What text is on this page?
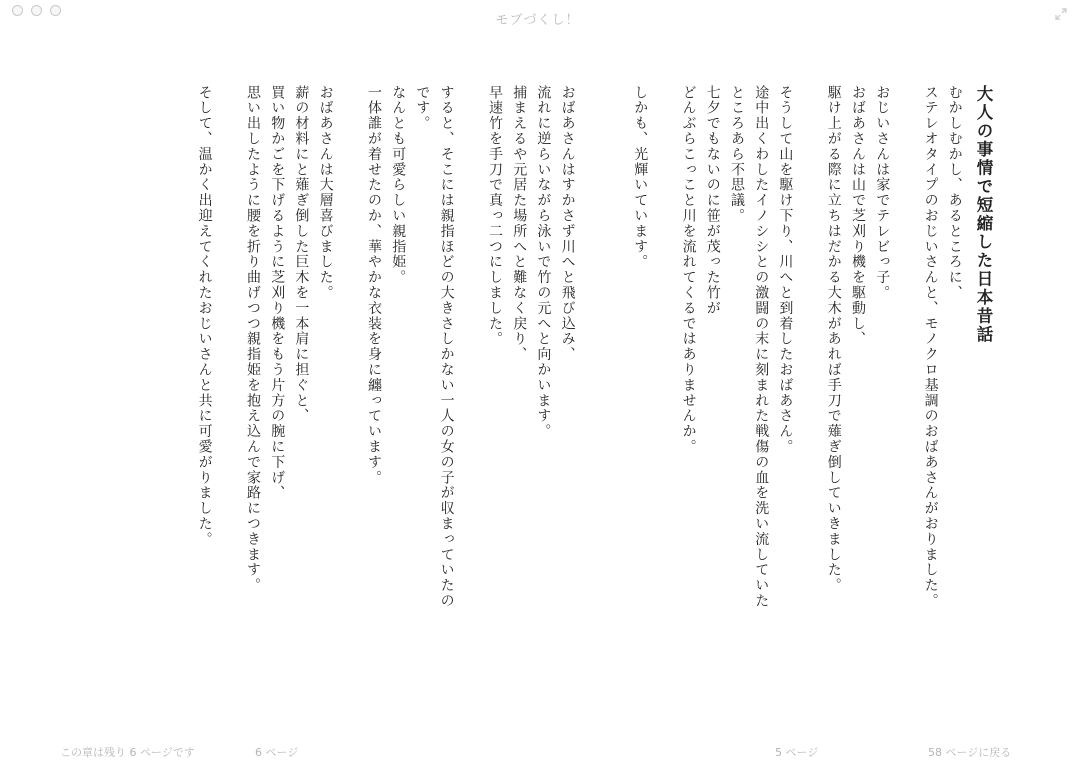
モブづくし！
大人の事情で短縮した日本昔話
むかしむかし、あるところに、
ステレオタイプのおじいさんと、モノクロ基調のおばあさんがおりました。
おじいさんは家でテレビっ子。
おばあさんは山で芝刈り機を駆動し、
駆け上がる際に立ちはだかる大木があれば手刀で薙ぎ倒していきました。
そうして山を駆け下り、川へと到着したおばあさん。
途中出くわしたイノシシとの激闘の末に刻まれた戦傷の血を洗い流していたところあら不思議。
七夕でもないのに笹が茂った竹が
どんぶらこっこと川を流れてくるではありませんか。
しかも、光輝いています。
おばあさんはすかさず川へと飛び込み、
流れに逆らいながら泳いで竹の元へと向かいます。
捕まえるや元居た場所へと難なく戻り、
早速竹を手刀で真っ二つにしました。
すると、そこには親指ほどの大きさしかない一人の女の子が収まっていたのです。
なんとも可愛らしい親指姫。
一体誰が着せたのか、華やかな衣装を身に纏っています。
おばあさんは大層喜びました。
薪の材料にと薙ぎ倒した巨木を一本肩に担ぐと、
買い物かごを下げるように芝刈り機をもう片方の腕に下げ、
思い出したように腰を折り曲げつつ親指姫を抱え込んで家路につきます。
そして、温かく出迎えてくれたおじいさんと共に可愛がりました。
この章は残り 6 ページです	6 ページ	5 ページ	58 ページに戻る
